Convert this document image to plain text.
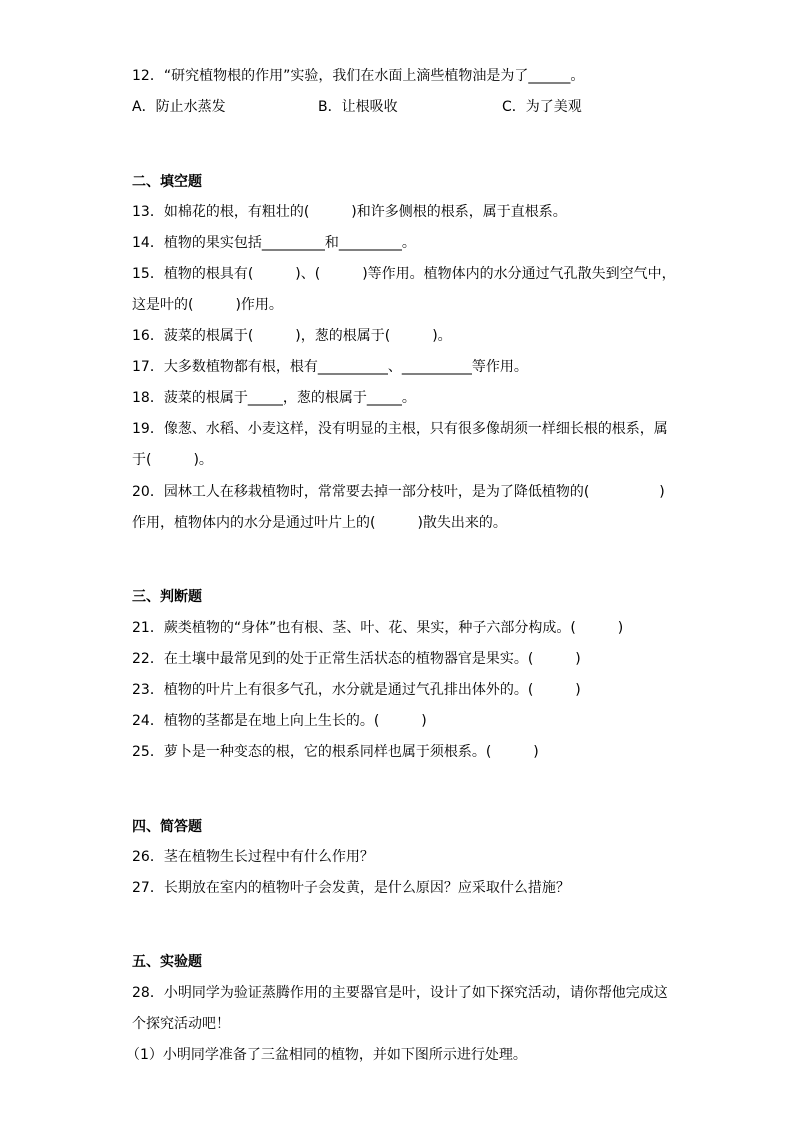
12．“研究植物根的作用”实验，我们在水面上滴些植物油是为了______。
A．防止水蒸发	B．让根吸收	C．为了美观
二、填空题
13．如棉花的根，有粗壮的(　　　)和许多侧根的根系，属于直根系。
14．植物的果实包括_________和_________。
15．植物的根具有(　　　)、(　　　)等作用。植物体内的水分通过气孔散失到空气中，
这是叶的(　　　)作用。
16．菠菜的根属于(　　　)，葱的根属于(　　　)。
17．大多数植物都有根，根有__________、__________等作用。
18．菠菜的根属于_____，葱的根属于_____。
19．像葱、水稻、小麦这样，没有明显的主根，只有很多像胡须一样细长根的根系，属
于(　　　)。
20．园林工人在移栽植物时，常常要去掉一部分枝叶，是为了降低植物的(　　　　　)
作用，植物体内的水分是通过叶片上的(　　　)散失出来的。
三、判断题
21．蕨类植物的“身体”也有根、茎、叶、花、果实，种子六部分构成。(　　　)
22．在土壤中最常见到的处于正常生活状态的植物器官是果实。(　　　)
23．植物的叶片上有很多气孔，水分就是通过气孔排出体外的。(　　　)
24．植物的茎都是在地上向上生长的。(　　　)
25．萝卜是一种变态的根，它的根系同样也属于须根系。(　　　)
四、简答题
26．茎在植物生长过程中有什么作用？
27．长期放在室内的植物叶子会发黄，是什么原因？应采取什么措施？
五、实验题
28．小明同学为验证蒸腾作用的主要器官是叶，设计了如下探究活动，请你帮他完成这
个探究活动吧！
（1）小明同学准备了三盆相同的植物，并如下图所示进行处理。
